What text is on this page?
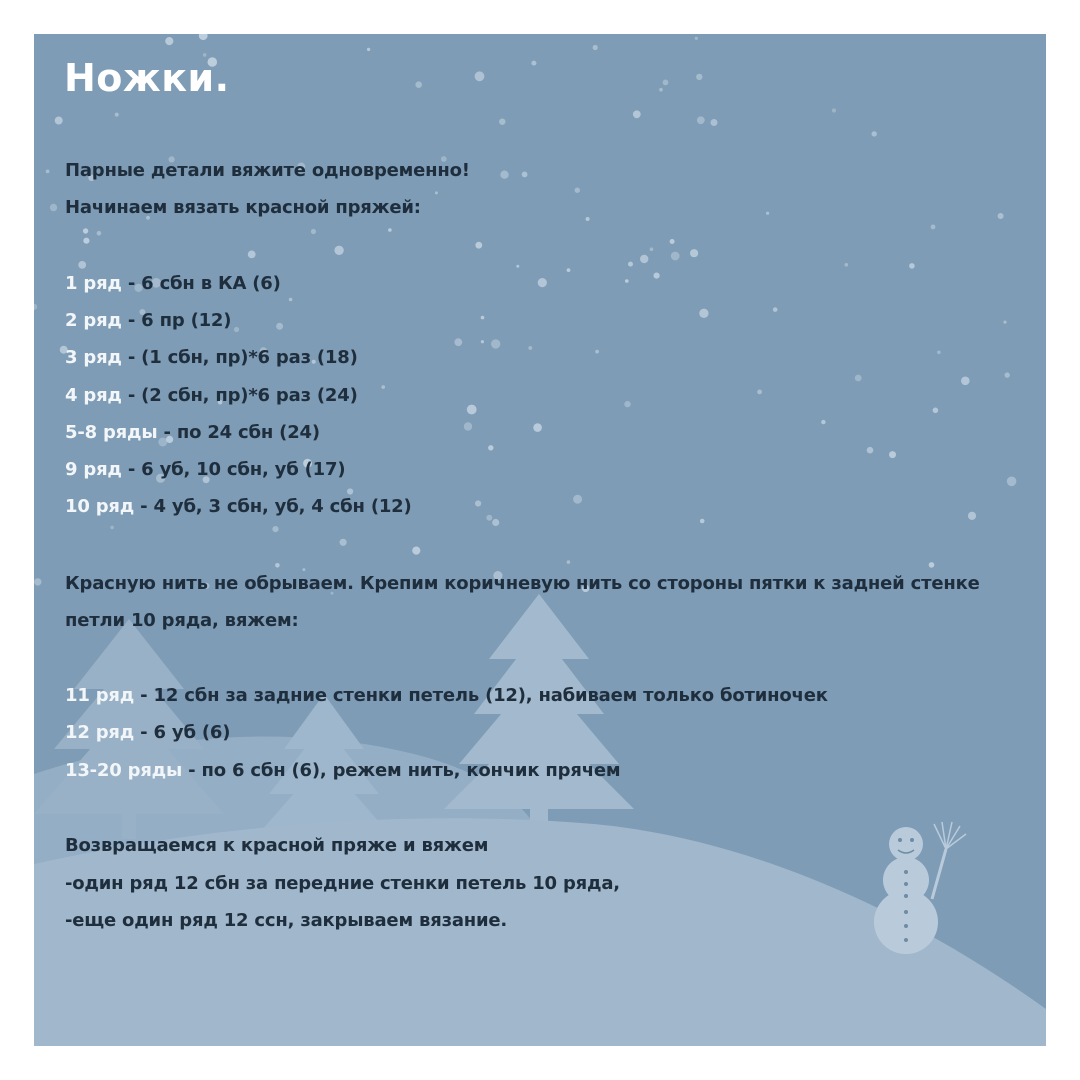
Ножки.
Парные детали вяжите одновременно!
Начинаем вязать красной пряжей:
1 ряд - 6 сбн в КА (6)
2 ряд - 6 пр (12)
3 ряд - (1 сбн, пр)*6 раз (18)
4 ряд - (2 сбн, пр)*6 раз (24)
5-8 ряды - по 24 сбн (24)
9 ряд - 6 уб, 10 сбн, уб (17)
10 ряд - 4 уб, 3 сбн, уб, 4 сбн (12)
Красную нить не обрываем. Крепим коричневую нить со стороны пятки к задней стенке
петли 10 ряда, вяжем:
11 ряд - 12 сбн за задние стенки петель (12), набиваем только ботиночек
12 ряд - 6 уб (6)
13-20 ряды - по 6 сбн (6), режем нить, кончик прячем
Возвращаемся к красной пряже и вяжем
-один ряд 12 сбн за передние стенки петель 10 ряда,
-еще один ряд 12 ссн, закрываем вязание.
